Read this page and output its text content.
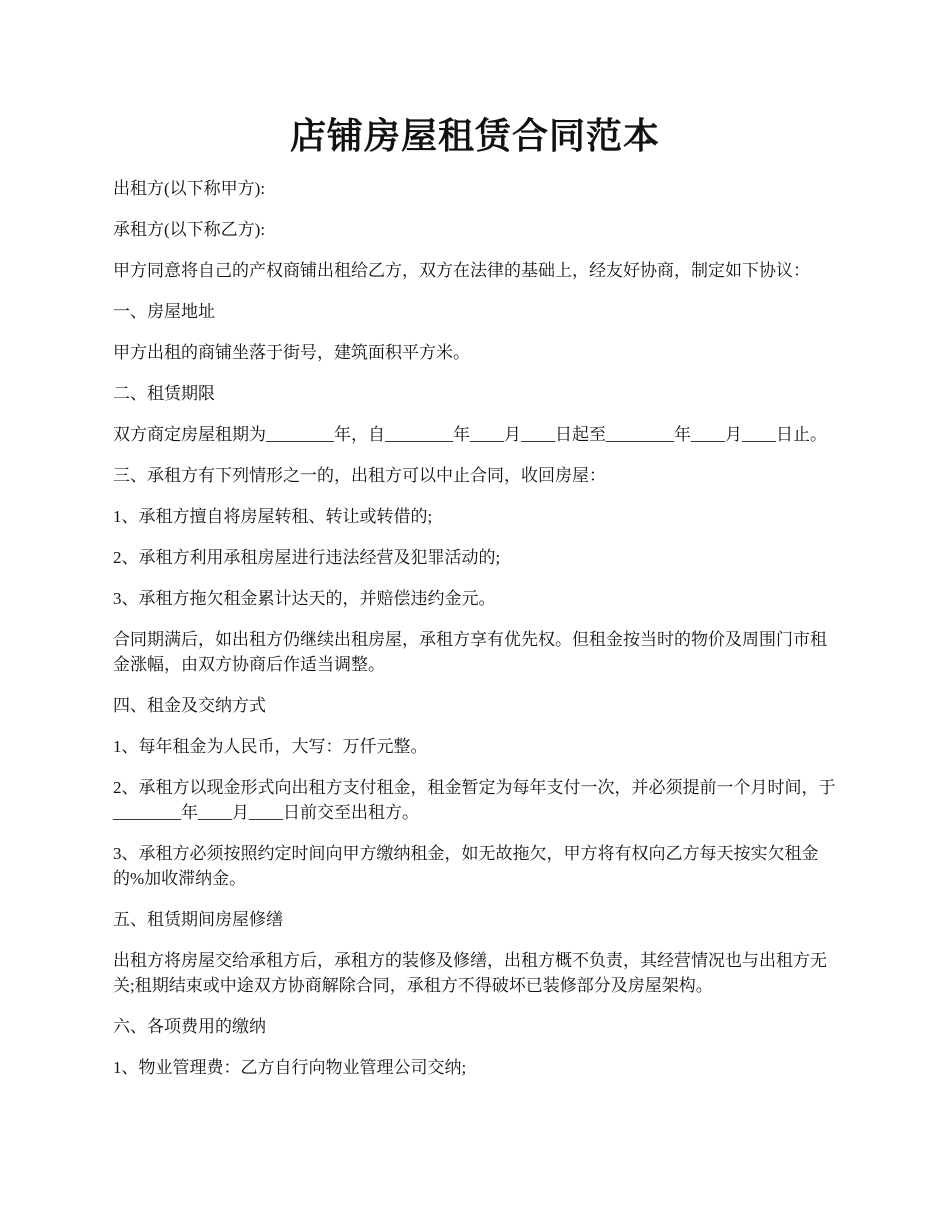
店铺房屋租赁合同范本

出租方(以下称甲方):

承租方(以下称乙方):

甲方同意将自己的产权商铺出租给乙方，双方在法律的基础上，经友好协商，制定如下协议：

一、房屋地址

甲方出租的商铺坐落于街号，建筑面积平方米。

二、租赁期限

双方商定房屋租期为________年，自________年____月____日起至________年____月____日止。

三、承租方有下列情形之一的，出租方可以中止合同，收回房屋：

1、承租方擅自将房屋转租、转让或转借的;

2、承租方利用承租房屋进行违法经营及犯罪活动的;

3、承租方拖欠租金累计达天的，并赔偿违约金元。

合同期满后，如出租方仍继续出租房屋，承租方享有优先权。但租金按当时的物价及周围门市租金涨幅，由双方协商后作适当调整。

四、租金及交纳方式

1、每年租金为人民币，大写：万仟元整。

2、承租方以现金形式向出租方支付租金，租金暂定为每年支付一次，并必须提前一个月时间，于________年____月____日前交至出租方。

3、承租方必须按照约定时间向甲方缴纳租金，如无故拖欠，甲方将有权向乙方每天按实欠租金的%加收滞纳金。

五、租赁期间房屋修缮

出租方将房屋交给承租方后，承租方的装修及修缮，出租方概不负责，其经营情况也与出租方无关;租期结束或中途双方协商解除合同，承租方不得破坏已装修部分及房屋架构。

六、各项费用的缴纳

1、物业管理费：乙方自行向物业管理公司交纳;
